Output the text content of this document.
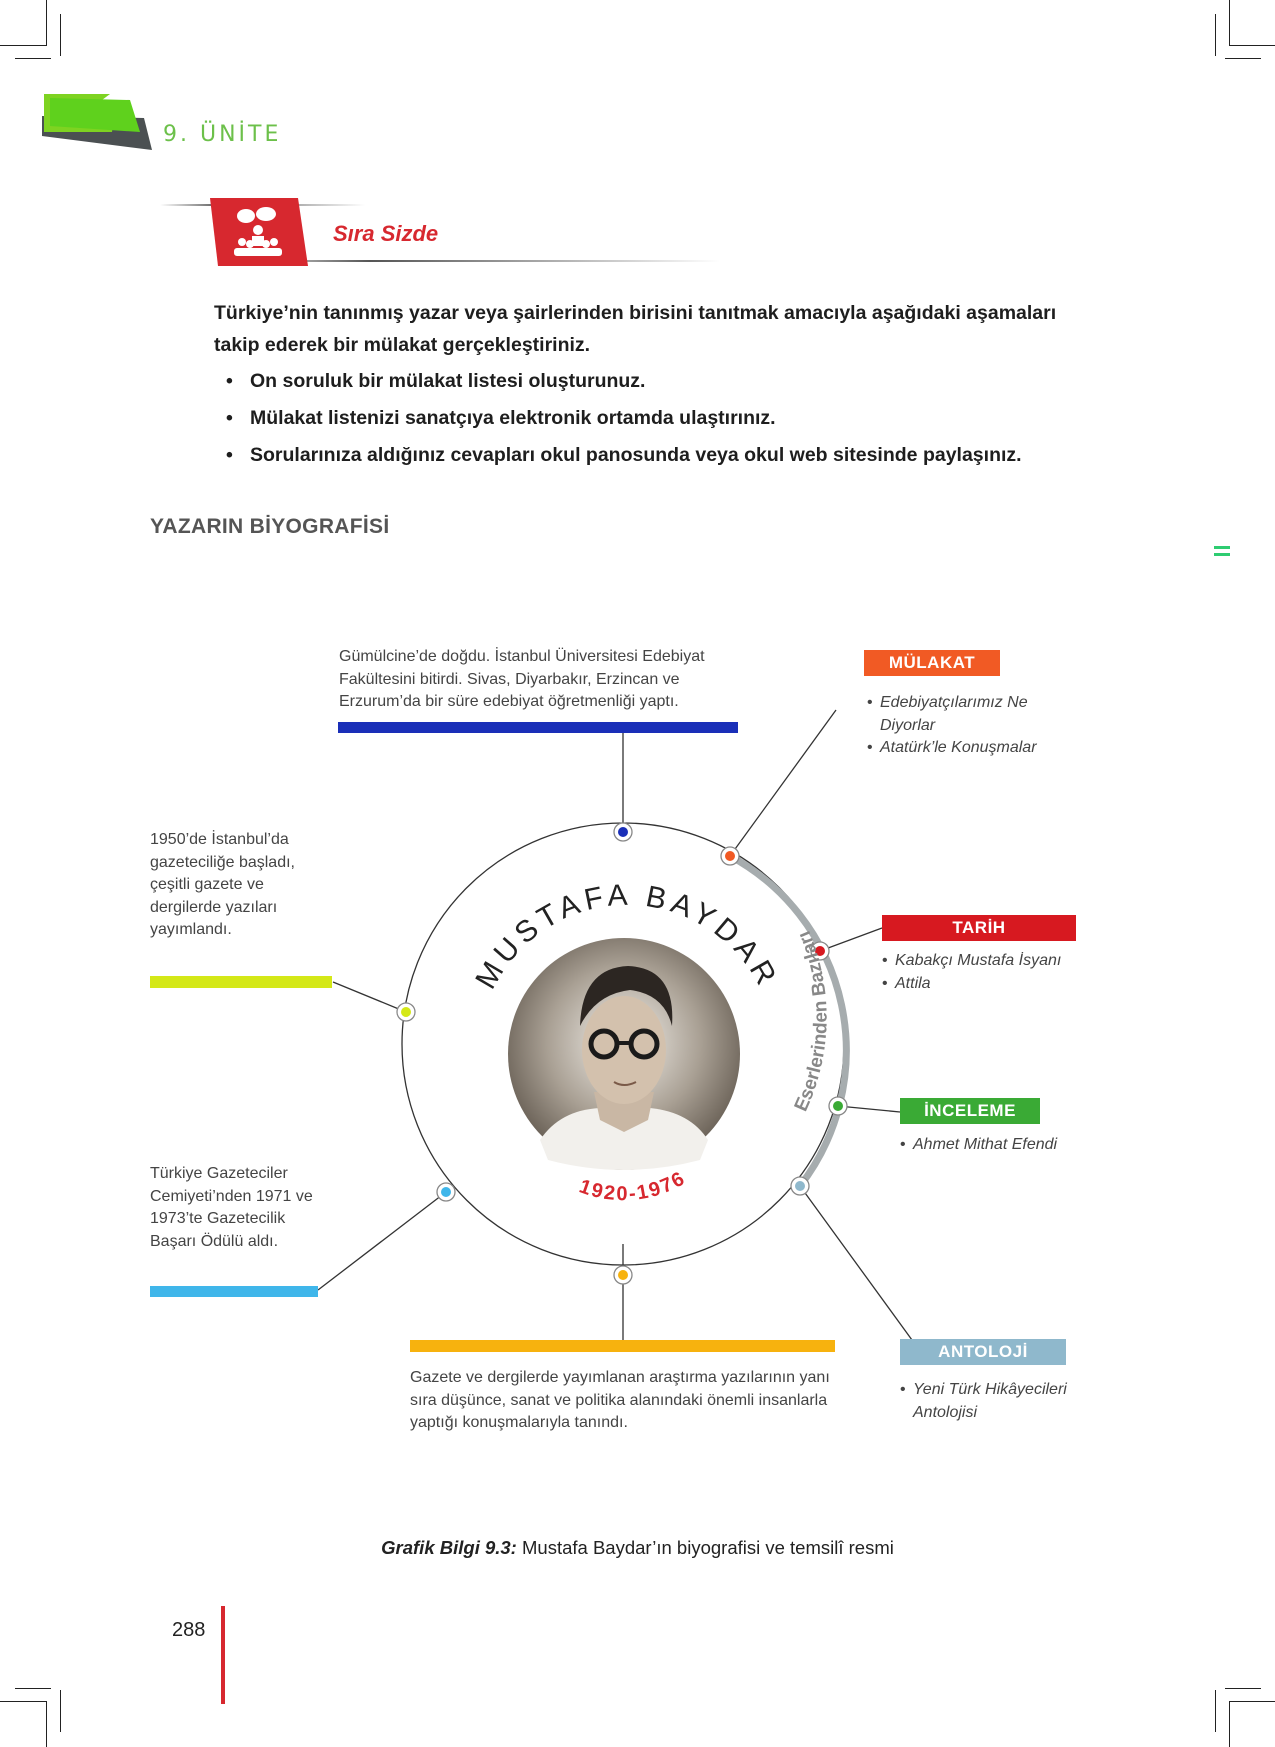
9. ÜNİTE
Sıra Sizde
Türkiye’nin tanınmış yazar veya şairlerinden birisini tanıtmak amacıyla aşağıdaki aşamaları takip ederek bir mülakat gerçekleştiriniz.
• On soruluk bir mülakat listesi oluşturunuz.
• Mülakat listenizi sanatçıya elektronik ortamda ulaştırınız.
• Sorularınıza aldığınız cevapları okul panosunda veya okul web sitesinde paylaşınız.
YAZARIN BİYOGRAFİSİ
MUSTAFA BAYDAR
1920-1976
Eserlerinden Bazıları
Gümülcine’de doğdu. İstanbul Üniversitesi Edebiyat Fakültesini bitirdi. Sivas, Diyarbakır, Erzincan ve Erzurum’da bir süre edebiyat öğretmenliği yaptı.
1950’de İstanbul’da gazeteciliğe başladı, çeşitli gazete ve dergilerde yazıları yayımlandı.
Türkiye Gazeteciler Cemiyeti’nden 1971 ve 1973’te Gazetecilik Başarı Ödülü aldı.
Gazete ve dergilerde yayımlanan araştırma yazılarının yanı sıra düşünce, sanat ve politika alanındaki önemli insanlarla yaptığı konuşmalarıyla tanındı.
MÜLAKAT
TARİH
İNCELEME
ANTOLOJİ
• Edebiyatçılarımız Ne Diyorlar
• Atatürk’le Konuşmalar
• Kabakçı Mustafa İsyanı
• Attila
• Ahmet Mithat Efendi
• Yeni Türk Hikâyecileri Antolojisi
Grafik Bilgi 9.3: Mustafa Baydar’ın biyografisi ve temsilî resmi
288
